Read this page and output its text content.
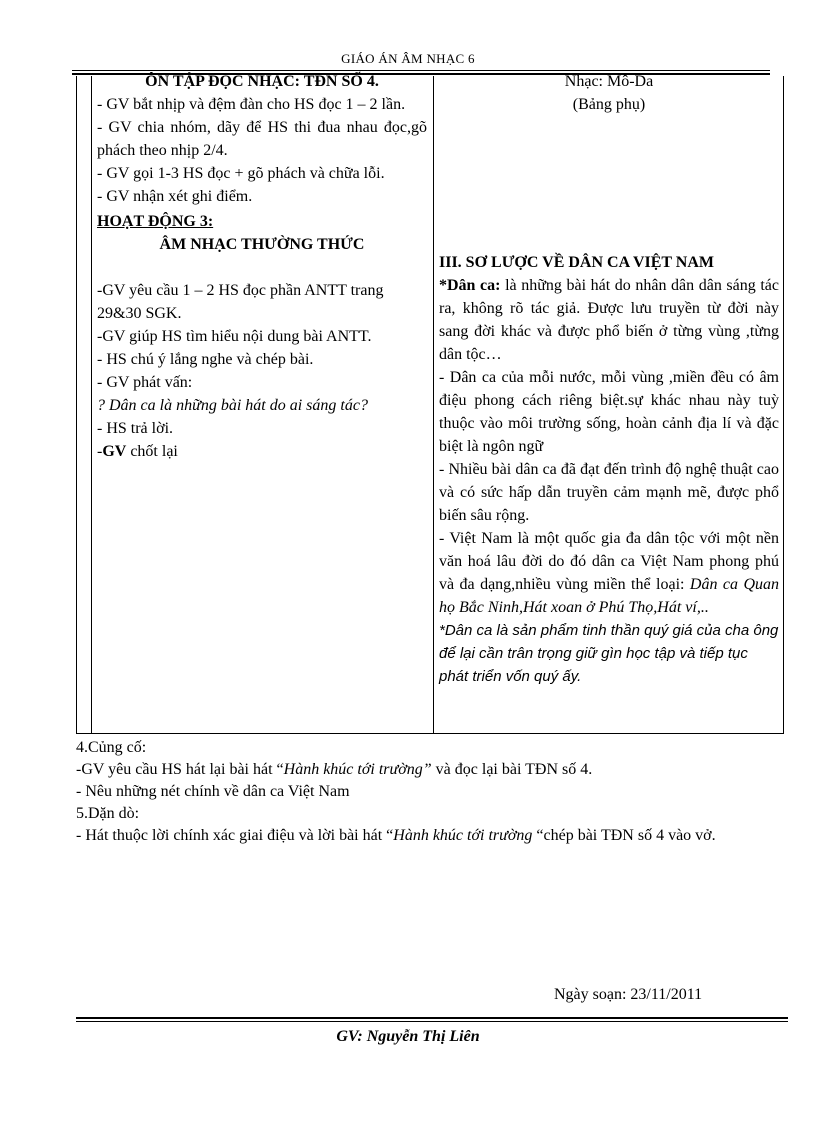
GIÁO ÁN ÂM NHẠC 6

ÔN TẬP ĐỌC NHẠC: TĐN SỐ 4.

- GV bắt nhịp và đệm đàn cho HS đọc 1 – 2 lần.

- GV chia nhóm, dãy để HS thi đua nhau đọc,gõ phách theo nhịp 2/4.

- GV gọi 1-3 HS đọc + gõ phách và chữa lỗi.

- GV nhận xét ghi điểm.

HOẠT ĐỘNG 3:

ÂM NHẠC THƯỜNG THỨC

-GV yêu cầu 1 – 2 HS đọc phần ANTT trang 29&30 SGK.

-GV giúp HS tìm hiểu nội dung bài ANTT.

- HS chú ý lắng nghe và chép bài.

- GV phát vấn:

? Dân ca là những bài hát do ai sáng tác?

- HS trả lời.

-GV chốt lại

Nhạc: Mô-Da

(Bảng phụ)

III. SƠ LƯỢC VỀ DÂN CA VIỆT NAM

*Dân ca: là những bài hát do nhân dân dân sáng tác ra, không rõ tác giả. Được lưu truyền từ đời này sang đời khác và được phổ biến ở từng vùng ,từng dân tộc…

- Dân ca của mỗi nước, mỗi vùng ,miền đều có âm điệu phong cách riêng biệt.sự khác nhau này tuỳ thuộc vào môi trường sống, hoàn cảnh địa lí và đặc biệt là ngôn ngữ

- Nhiều bài dân ca đã đạt đến trình độ nghệ thuật cao và có sức hấp dẫn truyền cảm mạnh mẽ, được phổ biến sâu rộng.

- Việt Nam là một quốc gia đa dân tộc với một nền văn hoá lâu đời do đó dân ca Việt Nam phong phú và đa dạng,nhiều vùng miền thể loại: Dân ca Quan họ Bắc Ninh,Hát xoan ở Phú Thọ,Hát ví,..

*Dân ca là sản phẩm tinh thần quý giá của cha ông để lại cần trân trọng giữ gìn học tập và tiếp tục phát triển vốn quý ấy.

4.Củng cố:

-GV yêu cầu HS hát lại bài hát “Hành khúc tới trường” và đọc lại bài TĐN số 4.

- Nêu những nét chính về dân ca Việt Nam

5.Dặn dò:

- Hát thuộc lời chính xác giai điệu và lời bài hát “Hành khúc tới trường “chép bài TĐN số 4 vào vở.

Ngày soạn: 23/11/2011
GV: Nguyễn Thị Liên
